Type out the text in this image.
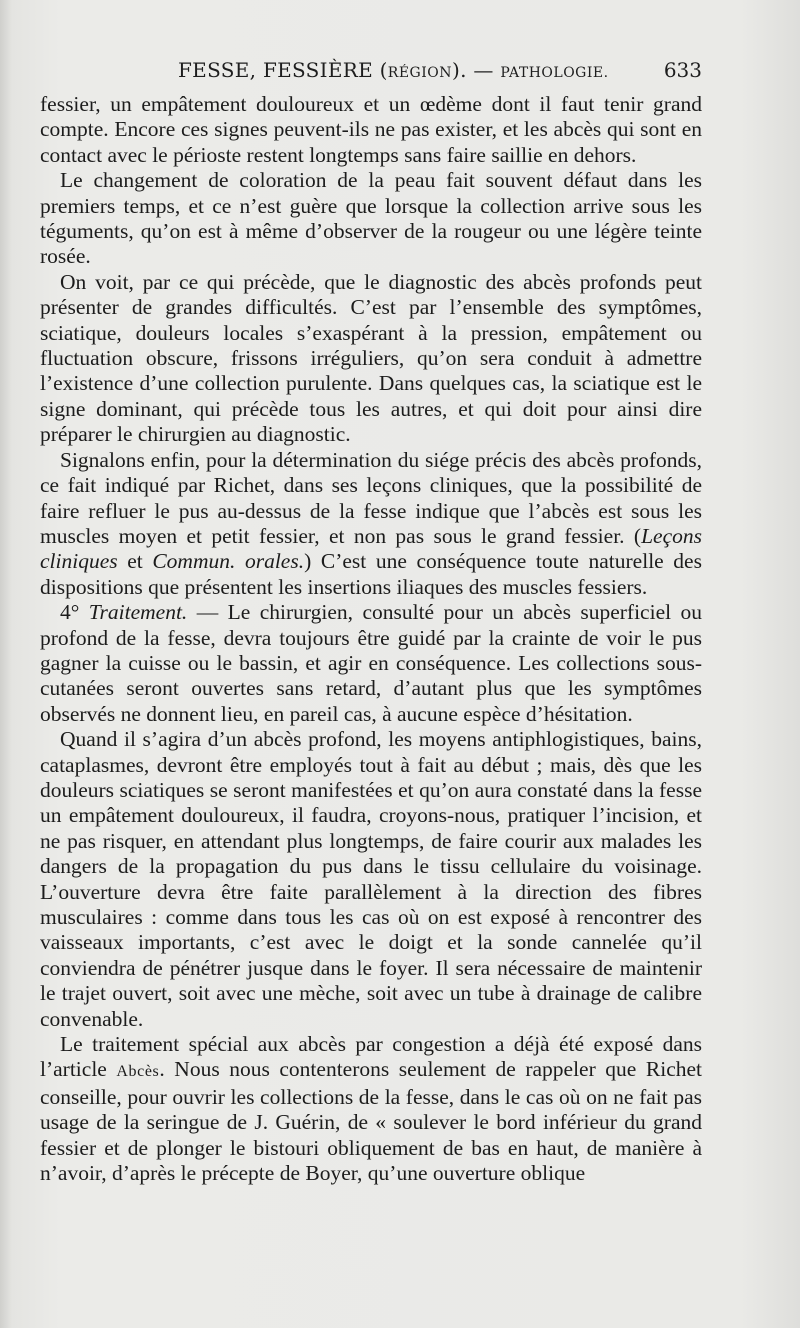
FESSE, FESSIÈRE (RÉGION). — PATHOLOGIE.	633

fessier, un empâtement douloureux et un œdème dont il faut tenir grand compte. Encore ces signes peuvent-ils ne pas exister, et les abcès qui sont en contact avec le périoste restent longtemps sans faire saillie en dehors.

Le changement de coloration de la peau fait souvent défaut dans les premiers temps, et ce n’est guère que lorsque la collection arrive sous les téguments, qu’on est à même d’observer de la rougeur ou une légère teinte rosée.

On voit, par ce qui précède, que le diagnostic des abcès profonds peut présenter de grandes difficultés. C’est par l’ensemble des symptômes, sciatique, douleurs locales s’exaspérant à la pression, empâtement ou fluctuation obscure, frissons irréguliers, qu’on sera conduit à admettre l’existence d’une collection purulente. Dans quelques cas, la sciatique est le signe dominant, qui précède tous les autres, et qui doit pour ainsi dire préparer le chirurgien au diagnostic.

Signalons enfin, pour la détermination du siége précis des abcès profonds, ce fait indiqué par Richet, dans ses leçons cliniques, que la possibilité de faire refluer le pus au-dessus de la fesse indique que l’abcès est sous les muscles moyen et petit fessier, et non pas sous le grand fessier. (Leçons cliniques et Commun. orales.) C’est une conséquence toute naturelle des dispositions que présentent les insertions iliaques des muscles fessiers.

4° Traitement. — Le chirurgien, consulté pour un abcès superficiel ou profond de la fesse, devra toujours être guidé par la crainte de voir le pus gagner la cuisse ou le bassin, et agir en conséquence. Les collections sous-cutanées seront ouvertes sans retard, d’autant plus que les symptômes observés ne donnent lieu, en pareil cas, à aucune espèce d’hésitation.

Quand il s’agira d’un abcès profond, les moyens antiphlogistiques, bains, cataplasmes, devront être employés tout à fait au début ; mais, dès que les douleurs sciatiques se seront manifestées et qu’on aura constaté dans la fesse un empâtement douloureux, il faudra, croyons-nous, pratiquer l’incision, et ne pas risquer, en attendant plus longtemps, de faire courir aux malades les dangers de la propagation du pus dans le tissu cellulaire du voisinage. L’ouverture devra être faite parallèlement à la direction des fibres musculaires : comme dans tous les cas où on est exposé à rencontrer des vaisseaux importants, c’est avec le doigt et la sonde cannelée qu’il conviendra de pénétrer jusque dans le foyer. Il sera nécessaire de maintenir le trajet ouvert, soit avec une mèche, soit avec un tube à drainage de calibre convenable.

Le traitement spécial aux abcès par congestion a déjà été exposé dans l’article Abcès. Nous nous contenterons seulement de rappeler que Richet conseille, pour ouvrir les collections de la fesse, dans le cas où on ne fait pas usage de la seringue de J. Guérin, de « soulever le bord inférieur du grand fessier et de plonger le bistouri obliquement de bas en haut, de manière à n’avoir, d’après le précepte de Boyer, qu’une ouverture oblique
